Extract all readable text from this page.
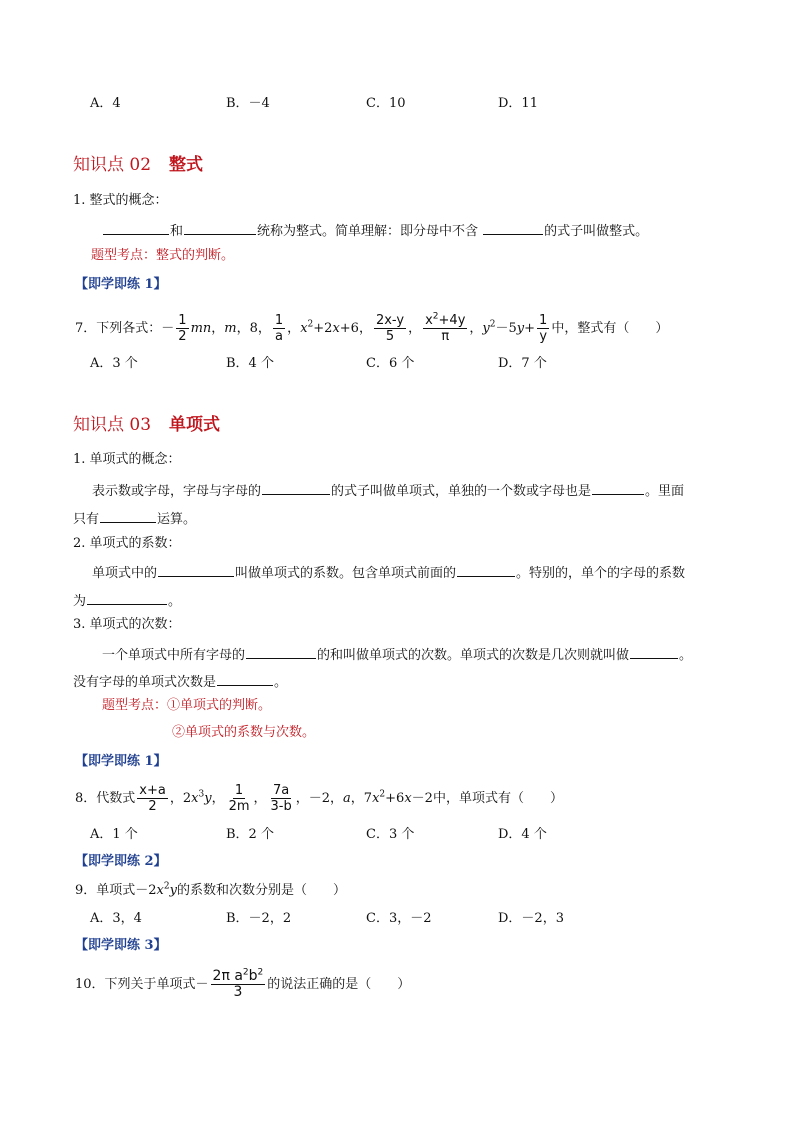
A．4	B．－4	C．10	D．11
知识点 02 整式
1. 整式的概念：
和	统称为整式。简单理解：即分母中不含	的式子叫做整式。
题型考点：整式的判断。
【即学即练 1】
7．下列各式：－ $\frac{1}{2}$ mn，m，8， $\frac{1}{a}$ ，$x^2+2x+6$， $\frac{2x-y}{5}$ ， $\frac{x^2+4y}{\pi}$ ，$y^2-5y+ \frac{1}{y}$ 中，整式有（　　）
A．3 个	B．4 个	C．6 个	D．7 个
知识点 03 单项式
1. 单项式的概念：
表示数或字母，字母与字母的	的式子叫做单项式，单独的一个数或字母也是	。里面
只有	运算。
2. 单项式的系数：
单项式中的	叫做单项式的系数。包含单项式前面的	。特别的，单个的字母的系数
为	。
3. 单项式的次数：
一个单项式中所有字母的	的和叫做单项式的次数。单项式的次数是几次则就叫做	。
没有字母的单项式次数是	。
题型考点：①单项式的判断。
②单项式的系数与次数。
【即学即练 1】
8．代数式 $\frac{x+a}{2}$ ，$2x^3y$， $\frac{1}{2m}$ ， $\frac{7a}{3-b}$ ，－2，a，$7x^2+6x-2$中，单项式有（　　）
A．1 个	B．2 个	C．3 个	D．4 个
【即学即练 2】
9．单项式$-2x^2y$的系数和次数分别是（　　）
A．3，4	B．－2，2	C．3，－2	D．－2，3
【即学即练 3】
10．下列关于单项式－ $\frac{2\pi a^2b^2}{3}$ 的说法正确的是（　　）
